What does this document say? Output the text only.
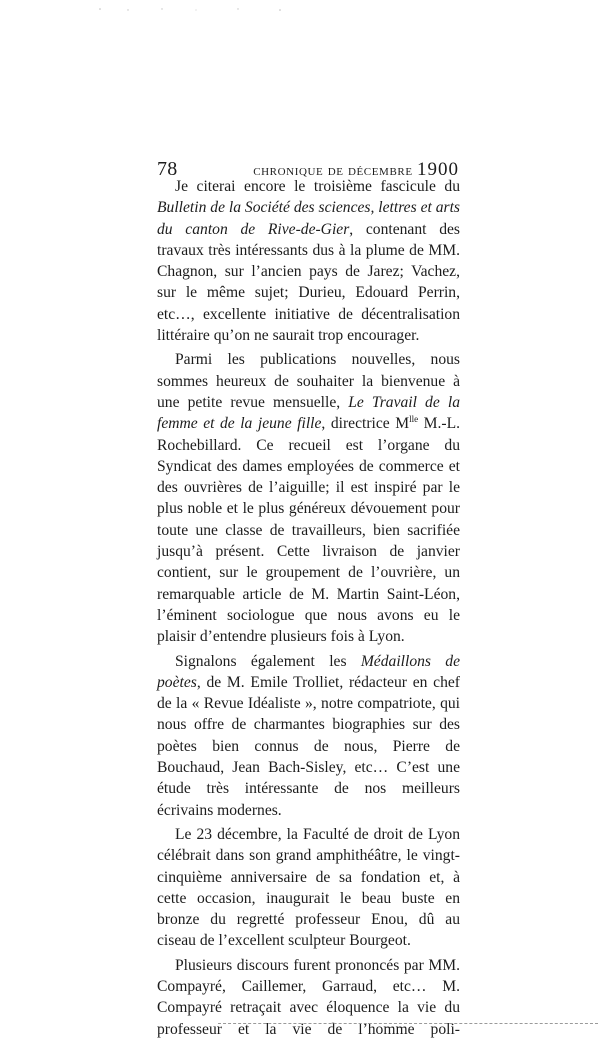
78	chronique de décembre 1900

Je citerai encore le troisième fascicule du Bulletin de la Société des sciences, lettres et arts du canton de Rive-de-Gier, contenant des travaux très intéressants dus à la plume de MM. Chagnon, sur l’ancien pays de Jarez; Vachez, sur le même sujet; Durieu, Edouard Perrin, etc…, excellente initiative de décentralisation littéraire qu’on ne saurait trop encourager.

Parmi les publications nouvelles, nous sommes heureux de souhaiter la bienvenue à une petite revue mensuelle, Le Travail de la femme et de la jeune fille, directrice $M^{lle}$ M.-L. Rochebillard. Ce recueil est l’organe du Syndicat des dames employées de commerce et des ouvrières de l’aiguille; il est inspiré par le plus noble et le plus généreux dévouement pour toute une classe de travailleurs, bien sacrifiée jusqu’à présent. Cette livraison de janvier contient, sur le groupement de l’ouvrière, un remarquable article de M. Martin Saint-Léon, l’éminent sociologue que nous avons eu le plaisir d’entendre plusieurs fois à Lyon.

Signalons également les Médaillons de poètes, de M. Emile Trolliet, rédacteur en chef de la « Revue Idéaliste », notre compatriote, qui nous offre de charmantes biographies sur des poètes bien connus de nous, Pierre de Bouchaud, Jean Bach-Sisley, etc… C’est une étude très intéressante de nos meilleurs écrivains modernes.

Le 23 décembre, la Faculté de droit de Lyon célébrait dans son grand amphithéâtre, le vingt-cinquième anniversaire de sa fondation et, à cette occasion, inaugurait le beau buste en bronze du regretté professeur Enou, dû au ciseau de l’excellent sculpteur Bourgeot.

Plusieurs discours furent prononcés par MM. Compayré, Caillemer, Garraud, etc… M. Compayré retraçait avec éloquence la vie du professeur et la vie de l’homme poli-
